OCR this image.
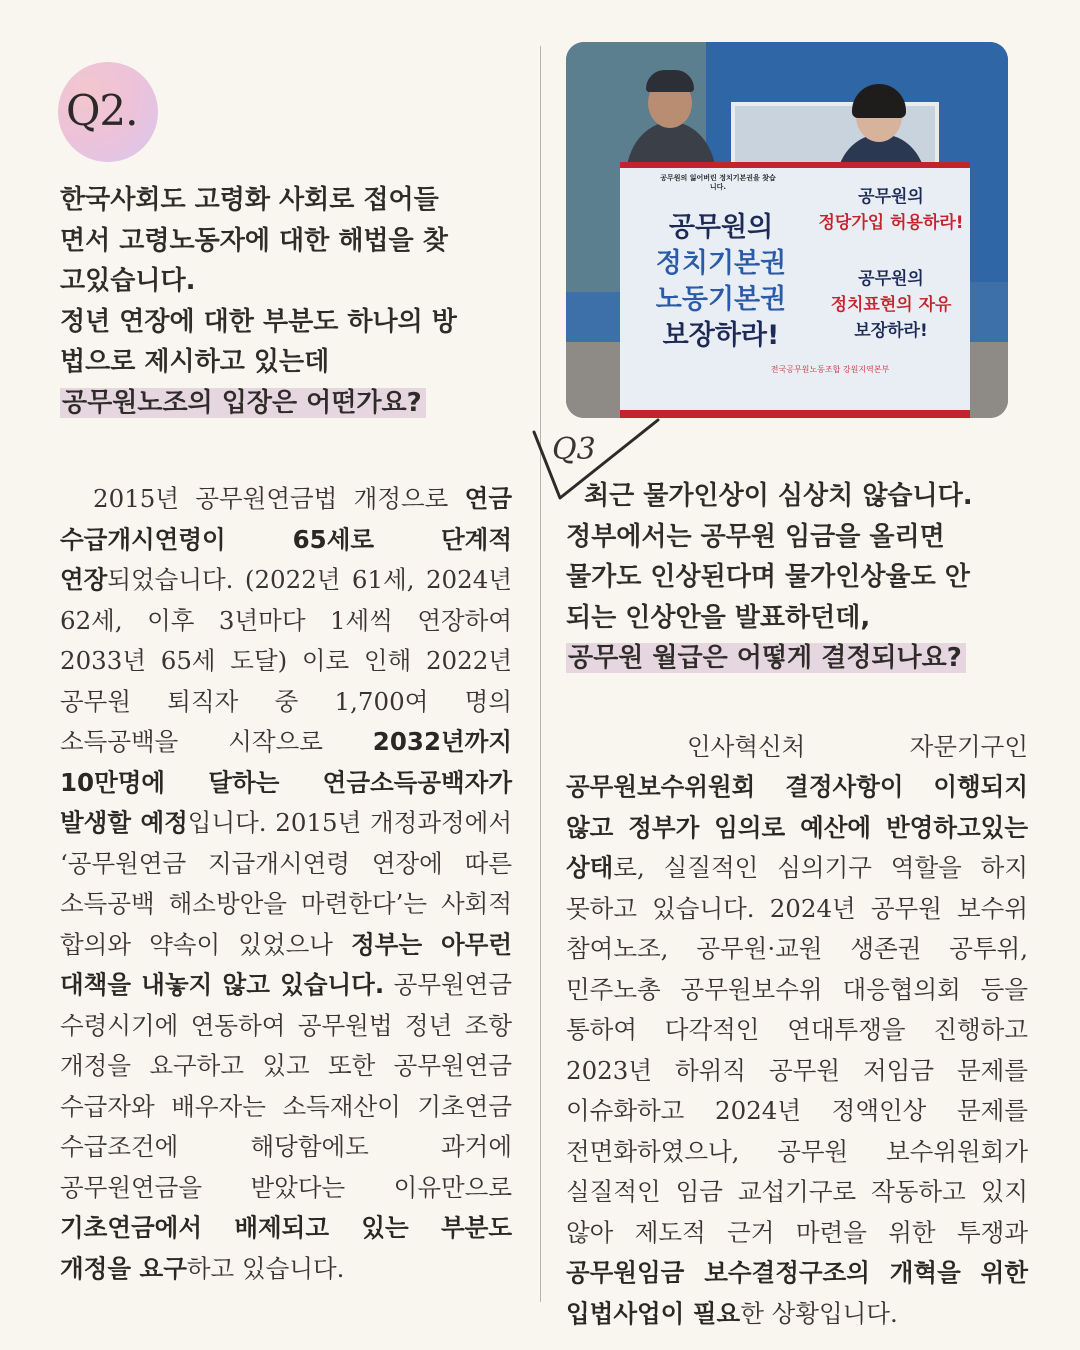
Q2.

한국사회도 고령화 사회로 접어들
면서 고령노동자에 대한 해법을 찾
고있습니다.
정년 연장에 대한 부분도 하나의 방
법으로 제시하고 있는데
공무원노조의 입장은 어떤가요?

　2015년 공무원연금법 개정으로 연금 수급개시연령이 65세로 단계적 연장되었습니다. (2022년 61세, 2024년 62세, 이후 3년마다 1세씩 연장하여 2033년 65세 도달) 이로 인해 2022년 공무원 퇴직자 중 1,700여 명의 소득공백을 시작으로 2032년까지 10만명에 달하는 연금소득공백자가 발생할 예정입니다. 2015년 개정과정에서 ‘공무원연금 지급개시연령 연장에 따른 소득공백 해소방안을 마련한다’는 사회적 합의와 약속이 있었으나 정부는 아무런 대책을 내놓지 않고 있습니다. 공무원연금 수령시기에 연동하여 공무원법 정년 조항 개정을 요구하고 있고 또한 공무원연금 수급자와 배우자는 소득재산이 기초연금 수급조건에 해당함에도 과거에 공무원연금을 받았다는 이유만으로 기초연금에서 배제되고 있는 부분도 개정을 요구하고 있습니다.

공무원의 잃어버린 정치기본권을 찾습니다.
공무원의
정치기본권
노동기본권
보장하라!
공무원의
정당가입 허용하라!
공무원의
정치표현의 자유
보장하라!
전국공무원노동조합 강원지역본부
Q3

최근 물가인상이 심상치 않습니다.
정부에서는 공무원 임금을 올리면
물가도 인상된다며 물가인상율도 안
되는 인상안을 발표하던데,
공무원 월급은 어떻게 결정되나요?

　인사혁신처 자문기구인 공무원보수위원회 결정사항이 이행되지 않고 정부가 임의로 예산에 반영하고있는 상태로, 실질적인 심의기구 역할을 하지 못하고 있습니다. 2024년 공무원 보수위 참여노조, 공무원·교원 생존권 공투위, 민주노총 공무원보수위 대응협의회 등을 통하여 다각적인 연대투쟁을 진행하고 2023년 하위직 공무원 저임금 문제를 이슈화하고 2024년 정액인상 문제를 전면화하였으나, 공무원 보수위원회가 실질적인 임금 교섭기구로 작동하고 있지 않아 제도적 근거 마련을 위한 투쟁과 공무원임금 보수결정구조의 개혁을 위한 입법사업이 필요한 상황입니다.
